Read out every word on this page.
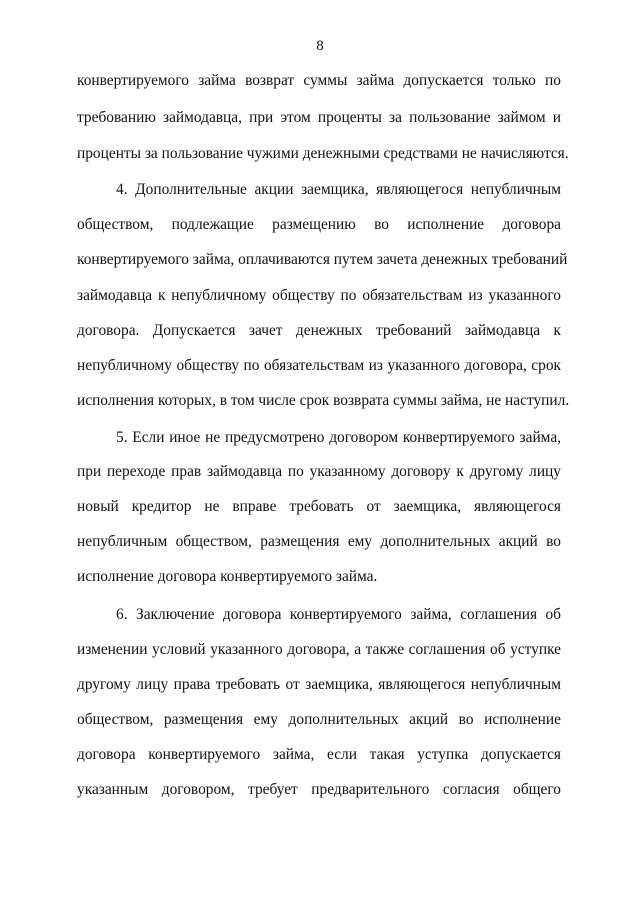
8
конвертируемого займа возврат суммы займа допускается только по
требованию займодавца, при этом проценты за пользование займом и
проценты за пользование чужими денежными средствами не начисляются.
4. Дополнительные акции заемщика, являющегося непубличным
обществом, подлежащие размещению во исполнение договора
конвертируемого займа, оплачиваются путем зачета денежных требований
займодавца к непубличному обществу по обязательствам из указанного
договора. Допускается зачет денежных требований займодавца к
непубличному обществу по обязательствам из указанного договора, срок
исполнения которых, в том числе срок возврата суммы займа, не наступил.
5. Если иное не предусмотрено договором конвертируемого займа,
при переходе прав займодавца по указанному договору к другому лицу
новый кредитор не вправе требовать от заемщика, являющегося
непубличным обществом, размещения ему дополнительных акций во
исполнение договора конвертируемого займа.
6. Заключение договора конвертируемого займа, соглашения об
изменении условий указанного договора, а также соглашения об уступке
другому лицу права требовать от заемщика, являющегося непубличным
обществом, размещения ему дополнительных акций во исполнение
договора конвертируемого займа, если такая уступка допускается
указанным договором, требует предварительного согласия общего
